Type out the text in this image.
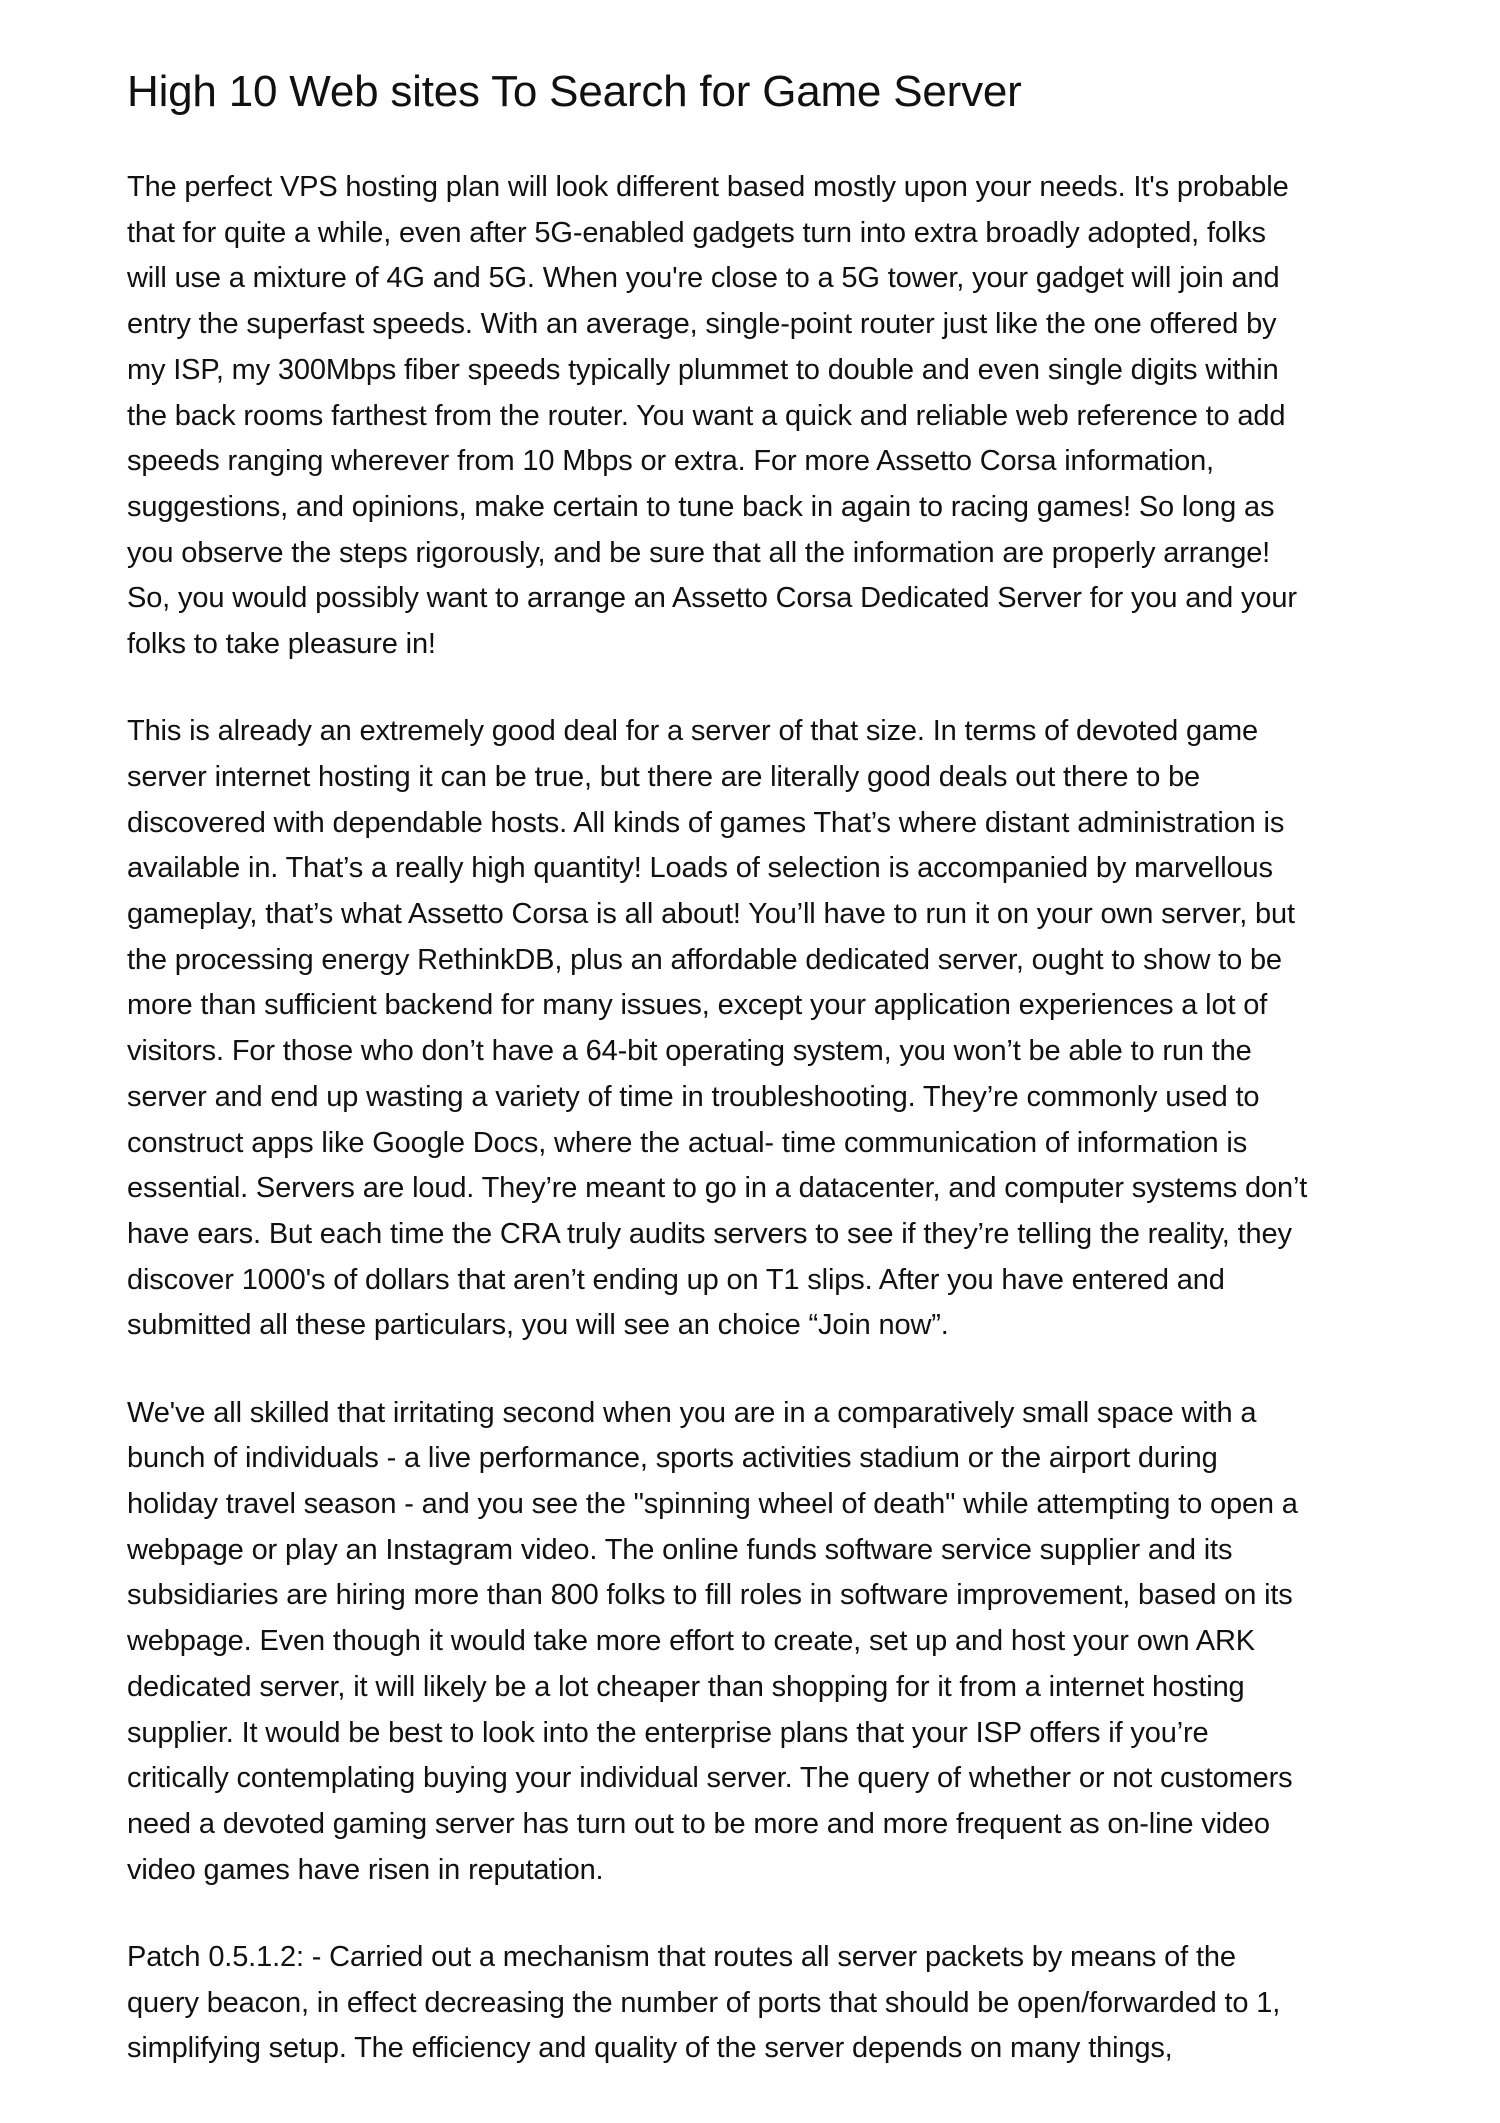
High 10 Web sites To Search for Game Server

The perfect VPS hosting plan will look different based mostly upon your needs. It's probable
that for quite a while, even after 5G-enabled gadgets turn into extra broadly adopted, folks
will use a mixture of 4G and 5G. When you're close to a 5G tower, your gadget will join and
entry the superfast speeds. With an average, single-point router just like the one offered by
my ISP, my 300Mbps fiber speeds typically plummet to double and even single digits within
the back rooms farthest from the router. You want a quick and reliable web reference to add
speeds ranging wherever from 10 Mbps or extra. For more Assetto Corsa information,
suggestions, and opinions, make certain to tune back in again to racing games! So long as
you observe the steps rigorously, and be sure that all the information are properly arrange!
So, you would possibly want to arrange an Assetto Corsa Dedicated Server for you and your
folks to take pleasure in!

This is already an extremely good deal for a server of that size. In terms of devoted game
server internet hosting it can be true, but there are literally good deals out there to be
discovered with dependable hosts. All kinds of games That’s where distant administration is
available in. That’s a really high quantity! Loads of selection is accompanied by marvellous
gameplay, that’s what Assetto Corsa is all about! You’ll have to run it on your own server, but
the processing energy RethinkDB, plus an affordable dedicated server, ought to show to be
more than sufficient backend for many issues, except your application experiences a lot of
visitors. For those who don’t have a 64-bit operating system, you won’t be able to run the
server and end up wasting a variety of time in troubleshooting. They’re commonly used to
construct apps like Google Docs, where the actual- time communication of information is
essential. Servers are loud. They’re meant to go in a datacenter, and computer systems don’t
have ears. But each time the CRA truly audits servers to see if they’re telling the reality, they
discover 1000's of dollars that aren’t ending up on T1 slips. After you have entered and
submitted all these particulars, you will see an choice “Join now”.

We've all skilled that irritating second when you are in a comparatively small space with a
bunch of individuals - a live performance, sports activities stadium or the airport during
holiday travel season - and you see the "spinning wheel of death" while attempting to open a
webpage or play an Instagram video. The online funds software service supplier and its
subsidiaries are hiring more than 800 folks to fill roles in software improvement, based on its
webpage. Even though it would take more effort to create, set up and host your own ARK
dedicated server, it will likely be a lot cheaper than shopping for it from a internet hosting
supplier. It would be best to look into the enterprise plans that your ISP offers if you’re
critically contemplating buying your individual server. The query of whether or not customers
need a devoted gaming server has turn out to be more and more frequent as on-line video
video games have risen in reputation.

Patch 0.5.1.2: - Carried out a mechanism that routes all server packets by means of the
query beacon, in effect decreasing the number of ports that should be open/forwarded to 1,
simplifying setup. The efficiency and quality of the server depends on many things,
